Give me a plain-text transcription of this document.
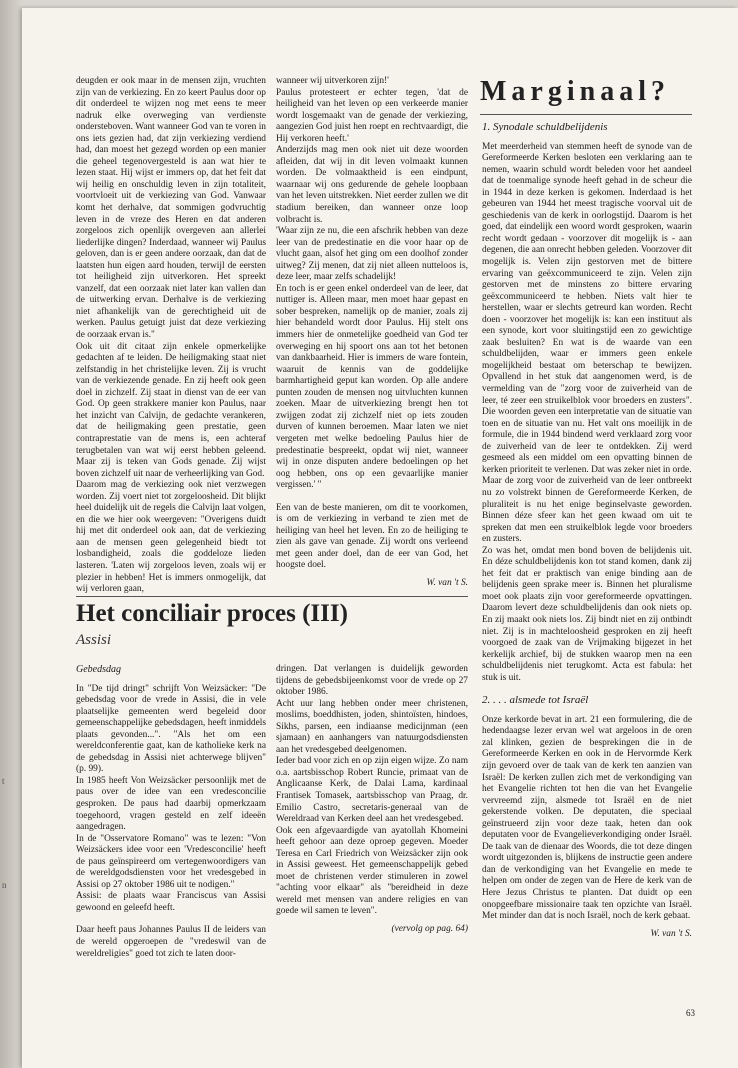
t
n

deugden er ook maar in de mensen zijn, vruchten zijn van de verkiezing. En zo keert Paulus door op dit onderdeel te wijzen nog met eens te meer nadruk elke overweging van verdienste ondersteboven. Want wanneer God van te voren in ons iets gezien had, dat zijn verkiezing verdiend had, dan moest het gezegd worden op een manier die geheel tegenovergesteld is aan wat hier te lezen staat. Hij wijst er immers op, dat het feit dat wij heilig en onschuldig leven in zijn totaliteit, voortvloeit uit de verkiezing van God. Vanwaar komt het derhalve, dat sommigen godvruchtig leven in de vreze des Heren en dat anderen zorgeloos zich openlijk overgeven aan allerlei liederlijke dingen? Inderdaad, wanneer wij Paulus geloven, dan is er geen andere oorzaak, dan dat de laatsten hun eigen aard houden, terwijl de eersten tot heiligheid zijn uitverkoren. Het spreekt vanzelf, dat een oorzaak niet later kan vallen dan de uitwerking ervan. Derhalve is de verkiezing niet afhankelijk van de gerechtigheid uit de werken. Paulus getuigt juist dat deze verkiezing de oorzaak ervan is."

Ook uit dit citaat zijn enkele opmerkelijke gedachten af te leiden. De heiligmaking staat niet zelfstandig in het christelijke leven. Zij is vrucht van de verkiezende genade. En zij heeft ook geen doel in zichzelf. Zij staat in dienst van de eer van God. Op geen strakkere manier kon Paulus, naar het inzicht van Calvijn, de gedachte verankeren, dat de heiligmaking geen prestatie, geen contraprestatie van de mens is, een achteraf terugbetalen van wat wij eerst hebben geleend. Maar zij is teken van Gods genade. Zij wijst boven zichzelf uit naar de verheerlijking van God.

Daarom mag de verkiezing ook niet verzwegen worden. Zij voert niet tot zorgeloosheid. Dit blijkt heel duidelijk uit de regels die Calvijn laat volgen, en die we hier ook weergeven: "Overigens duidt hij met dit onderdeel ook aan, dat de verkiezing aan de mensen geen gelegenheid biedt tot losbandigheid, zoals die goddeloze lieden lasteren. 'Laten wij zorgeloos leven, zoals wij er plezier in hebben! Het is immers onmogelijk, dat wij verloren gaan,

wanneer wij uitverkoren zijn!'

Paulus protesteert er echter tegen, 'dat de heiligheid van het leven op een verkeerde manier wordt losgemaakt van de genade der verkiezing, aangezien God juist hen roept en rechtvaardigt, die Hij verkoren heeft.'

Anderzijds mag men ook niet uit deze woorden afleiden, dat wij in dit leven volmaakt kunnen worden. De volmaaktheid is een eindpunt, waarnaar wij ons gedurende de gehele loopbaan van het leven uitstrekken. Niet eerder zullen we dit stadium bereiken, dan wanneer onze loop volbracht is.

'Waar zijn ze nu, die een afschrik hebben van deze leer van de predestinatie en die voor haar op de vlucht gaan, alsof het ging om een doolhof zonder uitweg? Zij menen, dat zij niet alleen nutteloos is, deze leer, maar zelfs schadelijk!

En toch is er geen enkel onderdeel van de leer, dat nuttiger is. Alleen maar, men moet haar gepast en sober bespreken, namelijk op de manier, zoals zij hier behandeld wordt door Paulus. Hij stelt ons immers hier de onmetelijke goedheid van God ter overweging en hij spoort ons aan tot het betonen van dankbaarheid. Hier is immers de ware fontein, waaruit de kennis van de goddelijke barmhartigheid geput kan worden. Op alle andere punten zouden de mensen nog uitvluchten kunnen zoeken. Maar de uitverkiezing brengt hen tot zwijgen zodat zij zichzelf niet op iets zouden durven of kunnen beroemen. Maar laten we niet vergeten met welke bedoeling Paulus hier de predestinatie bespreekt, opdat wij niet, wanneer wij in onze disputen andere bedoelingen op het oog hebben, ons op een gevaarlijke manier vergissen.' "

Een van de beste manieren, om dit te voorkomen, is om de verkiezing in verband te zien met de heiliging van heel het leven. En zo de heiliging te zien als gave van genade. Zij wordt ons verleend met geen ander doel, dan de eer van God, het hoogste doel.

W. van 't S.

Marginaal?

1. Synodale schuldbelijdenis

Met meerderheid van stemmen heeft de synode van de Gereformeerde Kerken besloten een verklaring aan te nemen, waarin schuld wordt beleden voor het aandeel dat de toenmalige synode heeft gehad in de scheur die in 1944 in deze kerken is gekomen. Inderdaad is het gebeuren van 1944 het meest tragische voorval uit de geschiedenis van de kerk in oorlogstijd. Daarom is het goed, dat eindelijk een woord wordt gesproken, waarin recht wordt gedaan - voorzover dit mogelijk is - aan degenen, die aan onrecht hebben geleden. Voorzover dit mogelijk is. Velen zijn gestorven met de bittere ervaring van geëxcommuniceerd te zijn. Velen zijn gestorven met de minstens zo bittere ervaring geëxcommuniceerd te hebben. Niets valt hier te herstellen, waar er slechts getreurd kan worden. Recht doen - voorzover het mogelijk is: kan een instituut als een synode, kort voor sluitingstijd een zo gewichtige zaak besluiten? En wat is de waarde van een schuldbelijden, waar er immers geen enkele mogelijkheid bestaat om beterschap te bewijzen. Opvallend in het stuk dat aangenomen werd, is de vermelding van de "zorg voor de zuiverheid van de leer, té zeer een struikelblok voor broeders en zusters". Die woorden geven een interpretatie van de situatie van toen en de situatie van nu. Het valt ons moeilijk in de formule, die in 1944 bindend werd verklaard zorg voor de zuiverheid van de leer te ontdekken. Zij werd gesmeed als een middel om een opvatting binnen de kerken prioriteit te verlenen. Dat was zeker niet in orde.

Maar de zorg voor de zuiverheid van de leer ontbreekt nu zo volstrekt binnen de Gereformeerde Kerken, de pluraliteit is nu het enige beginselvaste geworden. Binnen déze sfeer kan het geen kwaad om uit te spreken dat men een struikelblok legde voor broeders en zusters.

Zo was het, omdat men bond boven de belijdenis uit. En déze schuldbelijdenis kon tot stand komen, dank zij het feit dat er praktisch van enige binding aan de belijdenis geen sprake meer is. Binnen het pluralisme moet ook plaats zijn voor gereformeerde opvattingen. Daarom levert deze schuldbelijdenis dan ook niets op. En zij maakt ook niets los. Zij bindt niet en zij ontbindt niet. Zij is in machteloosheid gesproken en zij heeft voorgoed de zaak van de Vrijmaking bijgezet in het kerkelijk archief, bij de stukken waarop men na een schuldbelijdenis niet terugkomt. Acta est fabula: het stuk is uit.

2. . . . alsmede tot Israël

Onze kerkorde bevat in art. 21 een formulering, die de hedendaagse lezer ervan wel wat argeloos in de oren zal klinken, gezien de besprekingen die in de Gereformeerde Kerken en ook in de Hervormde Kerk zijn gevoerd over de taak van de kerk ten aanzien van Israël: De kerken zullen zich met de verkondiging van het Evangelie richten tot hen die van het Evangelie vervreemd zijn, alsmede tot Israël en de niet gekerstende volken. De deputaten, die speciaal geïnstrueerd zijn voor deze taak, heten dan ook deputaten voor de Evangelieverkondiging onder Israël. De taak van de dienaar des Woords, die tot deze dingen wordt uitgezonden is, blijkens de instructie geen andere dan de verkondiging van het Evangelie en mede te helpen om onder de zegen van de Here de kerk van de Here Jezus Christus te planten. Dat duidt op een onopgeefbare missionaire taak ten opzichte van Israël. Met minder dan dat is noch Israël, noch de kerk gebaat.

W. van 't S.

Het conciliair proces (III)
Assisi

Gebedsdag

In "De tijd dringt" schrijft Von Weizsäcker: "De gebedsdag voor de vrede in Assisi, die in vele plaatselijke gemeenten werd begeleid door gemeenschappelijke gebedsdagen, heeft inmiddels plaats gevonden...". "Als het om een wereldconferentie gaat, kan de katholieke kerk na de gebedsdag in Assisi niet achterwege blijven" (p. 99).

In 1985 heeft Von Weizsäcker persoonlijk met de paus over de idee van een vredesconcilie gesproken. De paus had daarbij opmerkzaam toegehoord, vragen gesteld en zelf ideeën aangedragen.

In de "Osservatore Romano" was te lezen: "Von Weizsäckers idee voor een 'Vredesconcilie' heeft de paus geïnspireerd om vertegenwoordigers van de wereldgodsdiensten voor het vredesgebed in Assisi op 27 oktober 1986 uit te nodigen."

Assisi: de plaats waar Franciscus van Assisi gewoond en geleefd heeft.

Daar heeft paus Johannes Paulus II de leiders van de wereld opgeroepen de "vredeswil van de wereldreligies" goed tot zich te laten door-

dringen. Dat verlangen is duidelijk geworden tijdens de gebedsbijeenkomst voor de vrede op 27 oktober 1986.

Acht uur lang hebben onder meer christenen, moslims, boeddhisten, joden, shintoïsten, hindoes, Sikhs, parsen, een indiaanse medicijnman (een sjamaan) en aanhangers van natuurgodsdiensten aan het vredesgebed deelgenomen.

Ieder bad voor zich en op zijn eigen wijze. Zo nam o.a. aartsbisschop Robert Runcie, primaat van de Anglicaanse Kerk, de Dalai Lama, kardinaal Frantisek Tomasek, aartsbisschop van Praag, dr. Emilio Castro, secretaris-generaal van de Wereldraad van Kerken deel aan het vredesgebed.

Ook een afgevaardigde van ayatollah Khomeini heeft gehoor aan deze oproep gegeven. Moeder Teresa en Carl Friedrich von Weizsäcker zijn ook in Assisi geweest. Het gemeenschappelijk gebed moet de christenen verder stimuleren in zowel "achting voor elkaar" als "bereidheid in deze wereld met mensen van andere religies en van goede wil samen te leven".

(vervolg op pag. 64)

63
